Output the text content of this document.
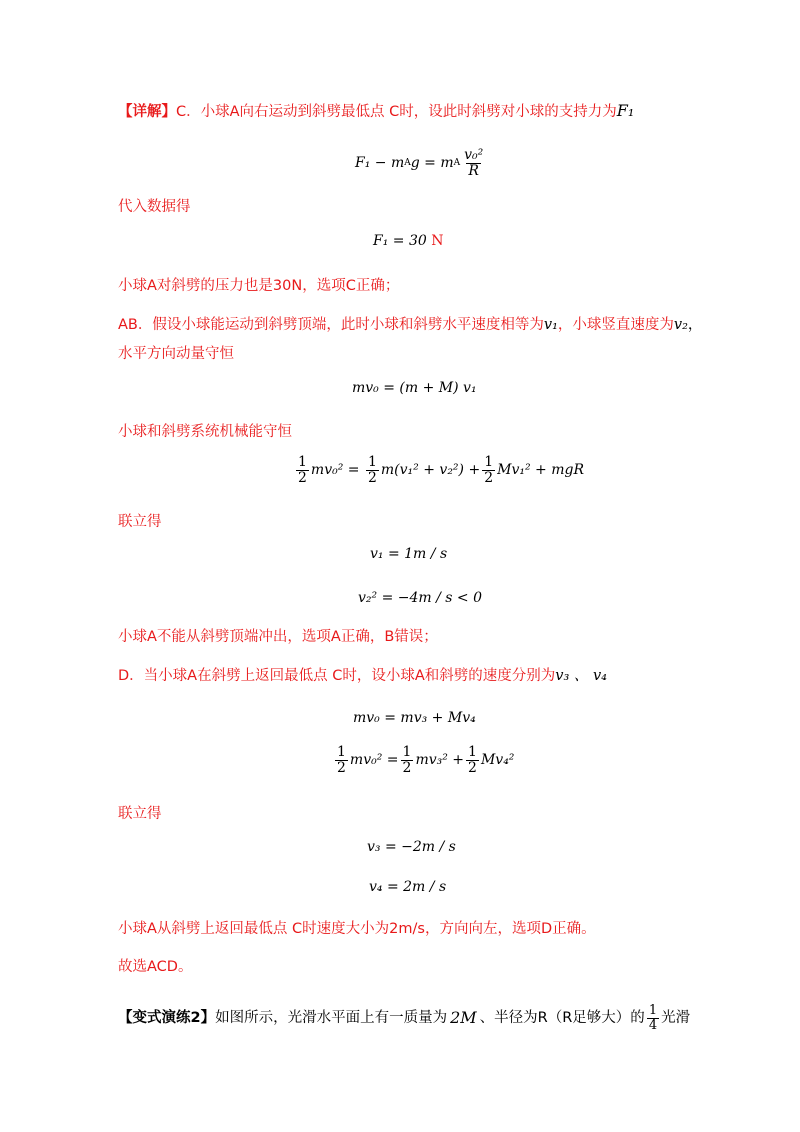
【详解】C．小球A向右运动到斜劈最低点 C时，设此时斜劈对小球的支持力为F₁
F₁ − m A g = m A $\frac{\text{v₀²}}{R}$
代入数据得
F₁ = 30
N
小球A对斜劈的压力也是30N，选项C正确；
AB．假设小球能运动到斜劈顶端，此时小球和斜劈水平速度相等为v₁，小球竖直速度为v₂，
水平方向动量守恒
mv₀ = (m + M) v₁
小球和斜劈系统机械能守恒
$\frac{1}{2} mv_0^2 = \frac{1}{2} m(v_1^2 + v_2^2) + \frac{1}{2} Mv_1^2$ + mgR
联立得
v₁ = 1m / s
v₂² = −4m / s < 0
小球A不能从斜劈顶端冲出，选项A正确，B错误；
D．当小球A在斜劈上返回最低点 C时，设小球A和斜劈的速度分别为v₃ 、 v₄
mv₀ = mv₃ + Mv₄
$\frac{1}{2} mv_0^2 = \frac{1}{2} mv_3^2 + \frac{1}{2} Mv_4^2$
联立得
v₃ = −2m / s
v₄ = 2m / s
小球A从斜劈上返回最低点 C时速度大小为2m/s，方向向左，选项D正确。
故选ACD。
【变式演练2】 如图所示，光滑水平面上有一质量为 2M 、半径为R（R足够大）的 $\frac{1}{4}$ 光滑
